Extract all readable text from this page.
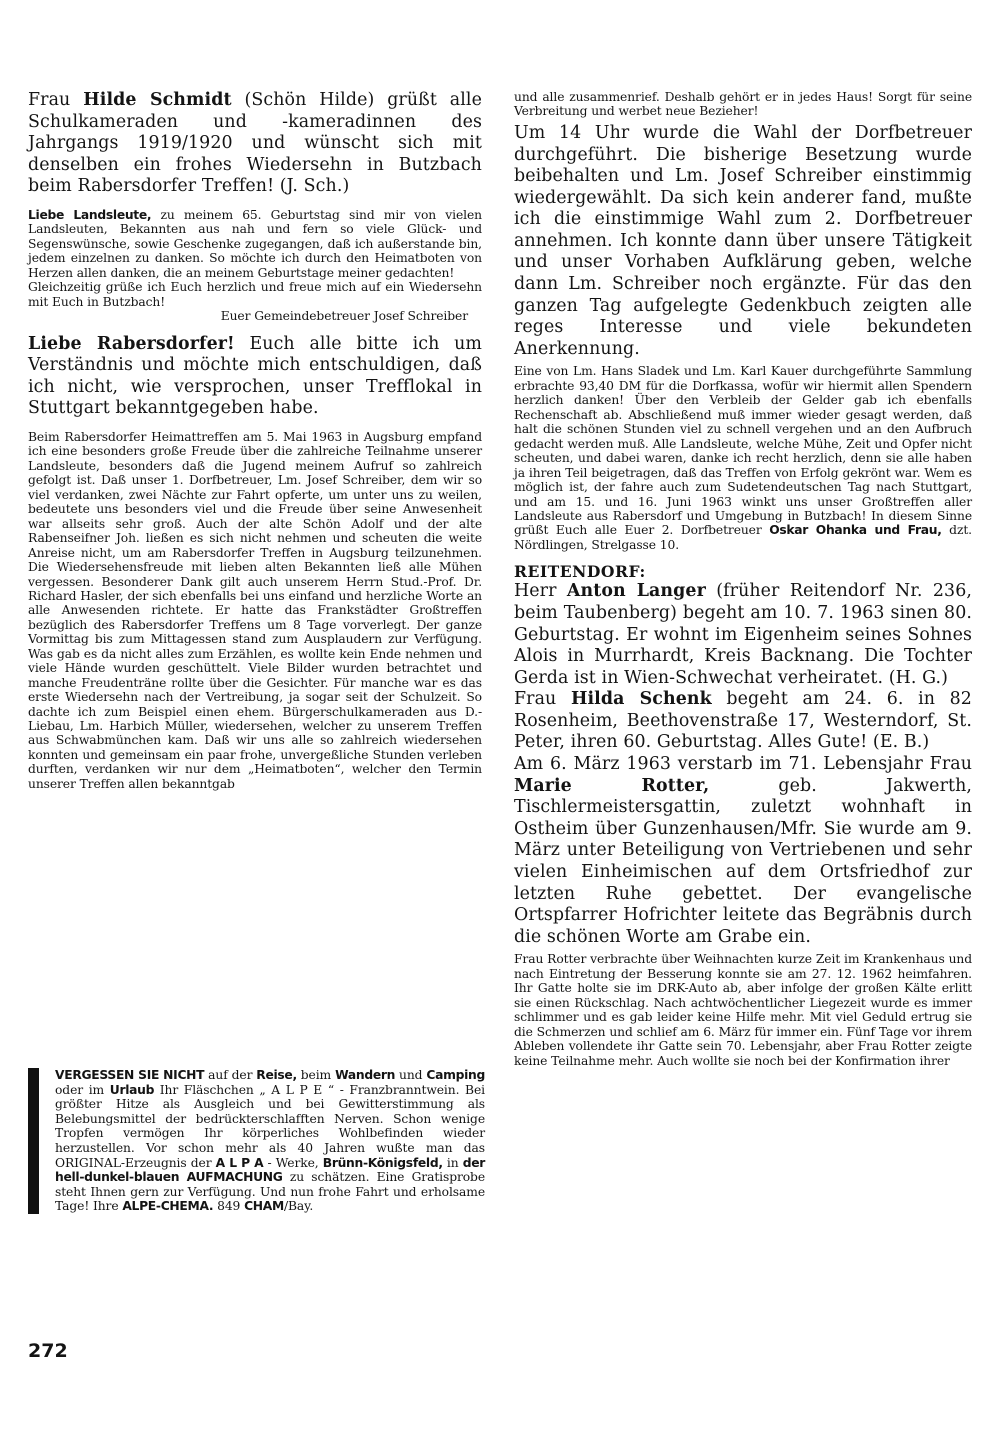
Frau Hilde Schmidt (Schön Hilde) grüßt alle Schulkameraden und -kameradinnen des Jahrgangs 1919/1920 und wünscht sich mit denselben ein frohes Wiedersehn in Butzbach beim Rabersdorfer Treffen! (J. Sch.)

Liebe Landsleute, zu meinem 65. Geburtstag sind mir von vielen Landsleuten, Bekannten aus nah und fern so viele Glück- und Segenswünsche, sowie Geschenke zugegangen, daß ich außerstande bin, jedem einzelnen zu danken. So möchte ich durch den Heimatboten von Herzen allen danken, die an meinem Geburtstage meiner gedachten!

Gleichzeitig grüße ich Euch herzlich und freue mich auf ein Wiedersehn mit Euch in Butzbach!

Euer Gemeindebetreuer Josef Schreiber

Liebe Rabersdorfer! Euch alle bitte ich um Verständnis und möchte mich entschuldigen, daß ich nicht, wie versprochen, unser Trefflokal in Stuttgart bekanntgegeben habe.

Beim Rabersdorfer Heimattreffen am 5. Mai 1963 in Augsburg empfand ich eine besonders große Freude über die zahlreiche Teilnahme unserer Landsleute, besonders daß die Jugend meinem Aufruf so zahlreich gefolgt ist. Daß unser 1. Dorfbetreuer, Lm. Josef Schreiber, dem wir so viel verdanken, zwei Nächte zur Fahrt opferte, um unter uns zu weilen, bedeutete uns besonders viel und die Freude über seine Anwesenheit war allseits sehr groß. Auch der alte Schön Adolf und der alte Rabenseifner Joh. ließen es sich nicht nehmen und scheuten die weite Anreise nicht, um am Rabersdorfer Treffen in Augsburg teilzunehmen. Die Wiedersehensfreude mit lieben alten Bekannten ließ alle Mühen vergessen. Besonderer Dank gilt auch unserem Herrn Stud.-Prof. Dr. Richard Hasler, der sich ebenfalls bei uns einfand und herzliche Worte an alle Anwesenden richtete. Er hatte das Frankstädter Großtreffen bezüglich des Rabersdorfer Treffens um 8 Tage vorverlegt. Der ganze Vormittag bis zum Mittagessen stand zum Ausplaudern zur Verfügung. Was gab es da nicht alles zum Erzählen, es wollte kein Ende nehmen und viele Hände wurden geschüttelt. Viele Bilder wurden betrachtet und manche Freudenträne rollte über die Gesichter. Für manche war es das erste Wiedersehn nach der Vertreibung, ja sogar seit der Schulzeit. So dachte ich zum Beispiel einen ehem. Bürgerschulkameraden aus D.-Liebau, Lm. Harbich Müller, wiedersehen, welcher zu unserem Treffen aus Schwabmünchen kam. Daß wir uns alle so zahlreich wiedersehen konnten und gemeinsam ein paar frohe, unvergeßliche Stunden verleben durften, verdanken wir nur dem „Heimatboten“, welcher den Termin unserer Treffen allen bekanntgab

VERGESSEN SIE NICHT auf der Reise, beim Wandern und Camping oder im Urlaub Ihr Fläschchen „ A L P E “ - Franzbranntwein. Bei größter Hitze als Ausgleich und bei Gewitterstimmung als Belebungsmittel der bedrückterschlafften Nerven. Schon wenige Tropfen vermögen Ihr körperliches Wohlbefinden wieder herzustellen. Vor schon mehr als 40 Jahren wußte man das ORIGINAL-Erzeugnis der A L P A - Werke, Brünn-Königsfeld, in der hell-dunkel-blauen AUFMACHUNG zu schätzen. Eine Gratisprobe steht Ihnen gern zur Verfügung. Und nun frohe Fahrt und erholsame Tage! Ihre ALPE-CHEMA. 849 CHAM/Bay.

272

und alle zusammenrief. Deshalb gehört er in jedes Haus! Sorgt für seine Verbreitung und werbet neue Bezieher!

Um 14 Uhr wurde die Wahl der Dorfbetreuer durchgeführt. Die bisherige Besetzung wurde beibehalten und Lm. Josef Schreiber einstimmig wiedergewählt. Da sich kein anderer fand, mußte ich die einstimmige Wahl zum 2. Dorfbetreuer annehmen. Ich konnte dann über unsere Tätigkeit und unser Vorhaben Aufklärung geben, welche dann Lm. Schreiber noch ergänzte. Für das den ganzen Tag aufgelegte Gedenkbuch zeigten alle reges Interesse und viele bekundeten Anerkennung.

Eine von Lm. Hans Sladek und Lm. Karl Kauer durchgeführte Sammlung erbrachte 93,40 DM für die Dorfkassa, wofür wir hiermit allen Spendern herzlich danken! Über den Verbleib der Gelder gab ich ebenfalls Rechenschaft ab. Abschließend muß immer wieder gesagt werden, daß halt die schönen Stunden viel zu schnell vergehen und an den Aufbruch gedacht werden muß. Alle Landsleute, welche Mühe, Zeit und Opfer nicht scheuten, und dabei waren, danke ich recht herzlich, denn sie alle haben ja ihren Teil beigetragen, daß das Treffen von Erfolg gekrönt war. Wem es möglich ist, der fahre auch zum Sudetendeutschen Tag nach Stuttgart, und am 15. und 16. Juni 1963 winkt uns unser Großtreffen aller Landsleute aus Rabersdorf und Umgebung in Butzbach! In diesem Sinne grüßt Euch alle Euer 2. Dorfbetreuer Oskar Ohanka und Frau, dzt. Nördlingen, Strelgasse 10.

REITENDORF:

Herr Anton Langer (früher Reitendorf Nr. 236, beim Taubenberg) begeht am 10. 7. 1963 sinen 80. Geburtstag. Er wohnt im Eigenheim seines Sohnes Alois in Murrhardt, Kreis Backnang. Die Tochter Gerda ist in Wien-Schwechat verheiratet. (H. G.)

Frau Hilda Schenk begeht am 24. 6. in 82 Rosenheim, Beethovenstraße 17, Westerndorf, St. Peter, ihren 60. Geburtstag. Alles Gute! (E. B.)

Am 6. März 1963 verstarb im 71. Lebensjahr Frau Marie Rotter, geb. Jakwerth, Tischlermeistersgattin, zuletzt wohnhaft in Ostheim über Gunzenhausen/Mfr. Sie wurde am 9. März unter Beteiligung von Vertriebenen und sehr vielen Einheimischen auf dem Ortsfriedhof zur letzten Ruhe gebettet. Der evangelische Ortspfarrer Hofrichter leitete das Begräbnis durch die schönen Worte am Grabe ein.

Frau Rotter verbrachte über Weihnachten kurze Zeit im Krankenhaus und nach Eintretung der Besserung konnte sie am 27. 12. 1962 heimfahren. Ihr Gatte holte sie im DRK-Auto ab, aber infolge der großen Kälte erlitt sie einen Rückschlag. Nach achtwöchentlicher Liegezeit wurde es immer schlimmer und es gab leider keine Hilfe mehr. Mit viel Geduld ertrug sie die Schmerzen und schlief am 6. März für immer ein. Fünf Tage vor ihrem Ableben vollendete ihr Gatte sein 70. Lebensjahr, aber Frau Rotter zeigte keine Teilnahme mehr. Auch wollte sie noch bei der Konfirmation ihrer
